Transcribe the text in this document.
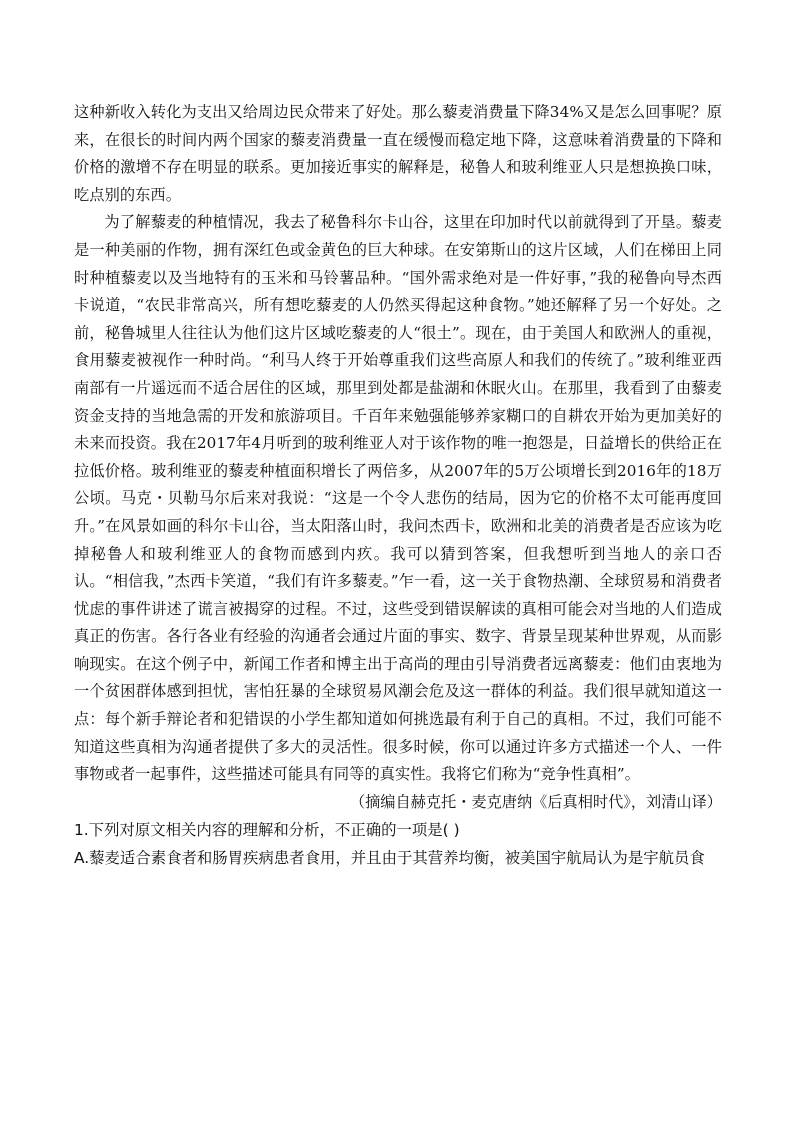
这种新收入转化为支出又给周边民众带来了好处。那么藜麦消费量下降34%又是怎么回事呢？原来，在很长的时间内两个国家的藜麦消费量一直在缓慢而稳定地下降，这意味着消费量的下降和价格的激增不存在明显的联系。更加接近事实的解释是，秘鲁人和玻利维亚人只是想换换口味，吃点别的东西。

为了解藜麦的种植情况，我去了秘鲁科尔卡山谷，这里在印加时代以前就得到了开垦。藜麦是一种美丽的作物，拥有深红色或金黄色的巨大种球。在安第斯山的这片区域，人们在梯田上同时种植藜麦以及当地特有的玉米和马铃薯品种。“国外需求绝对是一件好事，”我的秘鲁向导杰西卡说道，“农民非常高兴，所有想吃藜麦的人仍然买得起这种食物。”她还解释了另一个好处。之前，秘鲁城里人往往认为他们这片区域吃藜麦的人“很土”。现在，由于美国人和欧洲人的重视，食用藜麦被视作一种时尚。“利马人终于开始尊重我们这些高原人和我们的传统了。”玻利维亚西南部有一片遥远而不适合居住的区域，那里到处都是盐湖和休眠火山。在那里，我看到了由藜麦资金支持的当地急需的开发和旅游项目。千百年来勉强能够养家糊口的自耕农开始为更加美好的未来而投资。我在2017年4月听到的玻利维亚人对于该作物的唯一抱怨是，日益增长的供给正在拉低价格。玻利维亚的藜麦种植面积增长了两倍多，从2007年的5万公顷增长到2016年的18万公顷。马克・贝勒马尔后来对我说：“这是一个令人悲伤的结局，因为它的价格不太可能再度回升。”在风景如画的科尔卡山谷，当太阳落山时，我问杰西卡，欧洲和北美的消费者是否应该为吃掉秘鲁人和玻利维亚人的食物而感到内疚。我可以猜到答案，但我想听到当地人的亲口否认。“相信我，”杰西卡笑道，“我们有许多藜麦。”乍一看，这一关于食物热潮、全球贸易和消费者忧虑的事件讲述了谎言被揭穿的过程。不过，这些受到错误解读的真相可能会对当地的人们造成真正的伤害。各行各业有经验的沟通者会通过片面的事实、数字、背景呈现某种世界观，从而影响现实。在这个例子中，新闻工作者和博主出于高尚的理由引导消费者远离藜麦：他们由衷地为一个贫困群体感到担忧，害怕狂暴的全球贸易风潮会危及这一群体的利益。我们很早就知道这一点：每个新手辩论者和犯错误的小学生都知道如何挑选最有利于自己的真相。不过，我们可能不知道这些真相为沟通者提供了多大的灵活性。很多时候，你可以通过许多方式描述一个人、一件事物或者一起事件，这些描述可能具有同等的真实性。我将它们称为“竞争性真相”。

（摘编自赫克托・麦克唐纳《后真相时代》，刘清山译）

1.下列对原文相关内容的理解和分析，不正确的一项是( )

A.藜麦适合素食者和肠胃疾病患者食用，并且由于其营养均衡，被美国宇航局认为是宇航员食
